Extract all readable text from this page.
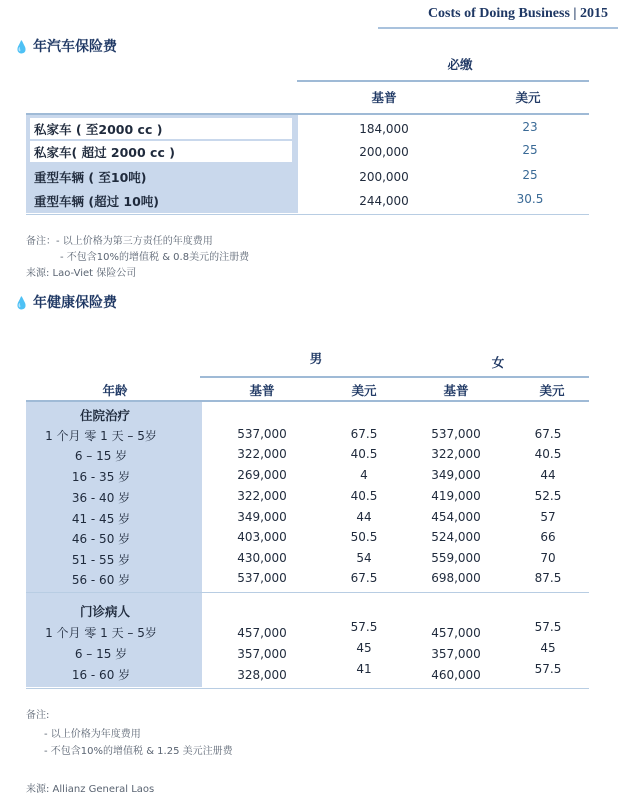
Costs of Doing Business | 2015
💧 年汽车保险费
必缴
基普	美元
私家车 ( 至2000 cc )	184,000	23
私家车( 超过 2000 cc )	200,000	25
重型车辆 ( 至10吨)	200,000	25
重型车辆 (超过 10吨)	244,000	30.5
备注：- 以上价格为第三方责任的年度费用
- 不包含10%的增值税 & 0.8美元的注册费
来源: Lao-Viet 保险公司
💧 年健康保险费
男	女
年龄	基普	美元	基普	美元
住院治疗
1 个月 零 1 天 – 5岁	537,000	67.5	537,000	67.5
6 – 15 岁	322,000	40.5	322,000	40.5
16 - 35 岁	269,000	4	349,000	44
36 - 40 岁	322,000	40.5	419,000	52.5
41 - 45 岁	349,000	44	454,000	57
46 - 50 岁	403,000	50.5	524,000	66
51 - 55 岁	430,000	54	559,000	70
56 - 60 岁	537,000	67.5	698,000	87.5
门诊病人
1 个月 零 1 天 – 5岁	457,000	57.5	457,000	57.5
6 – 15 岁	357,000	45	357,000	45
16 - 60 岁	328,000	41	460,000	57.5
备注:
- 以上价格为年度费用
- 不包含10%的增值税 & 1.25 美元注册费
来源: Allianz General Laos
